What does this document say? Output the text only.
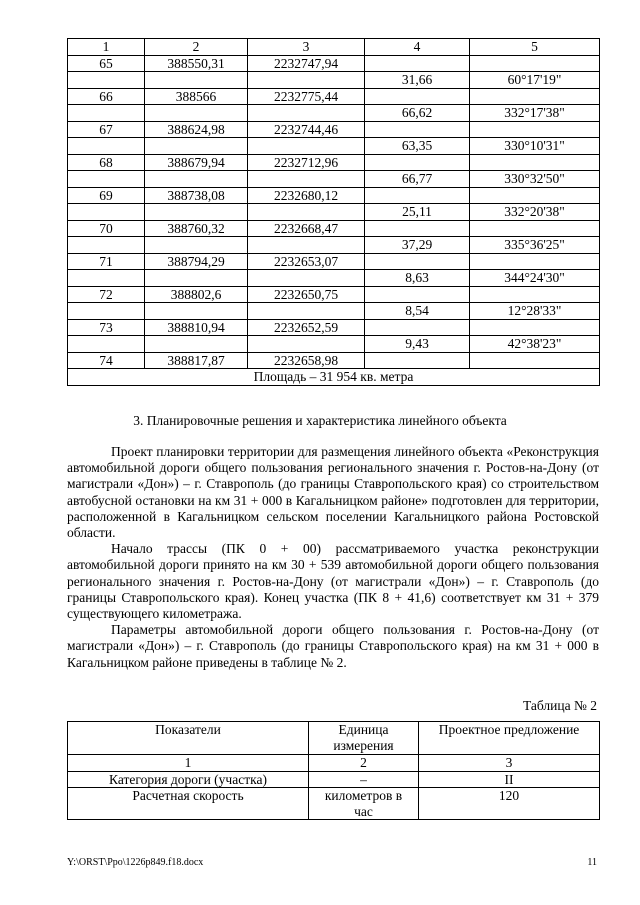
1	2	3	4	5
65	388550,31	2232747,94		
			31,66	60°17'19"
66	388566	2232775,44		
			66,62	332°17'38"
67	388624,98	2232744,46		
			63,35	330°10'31"
68	388679,94	2232712,96		
			66,77	330°32'50"
69	388738,08	2232680,12		
			25,11	332°20'38"
70	388760,32	2232668,47		
			37,29	335°36'25"
71	388794,29	2232653,07		
			8,63	344°24'30"
72	388802,6	2232650,75		
			8,54	12°28'33"
73	388810,94	2232652,59		
			9,43	42°38'23"
74	388817,87	2232658,98		
Площадь – 31 954 кв. метра				
3. Планировочные решения и характеристика линейного объекта

Проект планировки территории для размещения линейного объекта «Реконструкция автомобильной дороги общего пользования регионального значения г. Ростов-на-Дону (от магистрали «Дон») – г. Ставрополь (до границы Ставропольского края) со строительством автобусной остановки на км 31 + 000 в Кагальницком районе» подготовлен для территории, расположенной в Кагальницком сельском поселении Кагальницкого района Ростовской области.

Начало трассы (ПК 0 + 00) рассматриваемого участка реконструкции автомобильной дороги принято на км 30 + 539 автомобильной дороги общего пользования регионального значения г. Ростов-на-Дону (от магистрали «Дон») – г. Ставрополь (до границы Ставропольского края). Конец участка (ПК 8 + 41,6) соответствует км 31 + 379 существующего километража.

Параметры автомобильной дороги общего пользования г. Ростов-на-Дону (от магистрали «Дон») – г. Ставрополь (до границы Ставропольского края) на км 31 + 000 в Кагальницком районе приведены в таблице № 2.

Таблица № 2
Показатели	Единица измерения	Проектное предложение
1	2	3
Категория дороги (участка)	–	II
Расчетная скорость	километров в час	120
Y:\ORST\Ppo\1226p849.f18.docx	11
